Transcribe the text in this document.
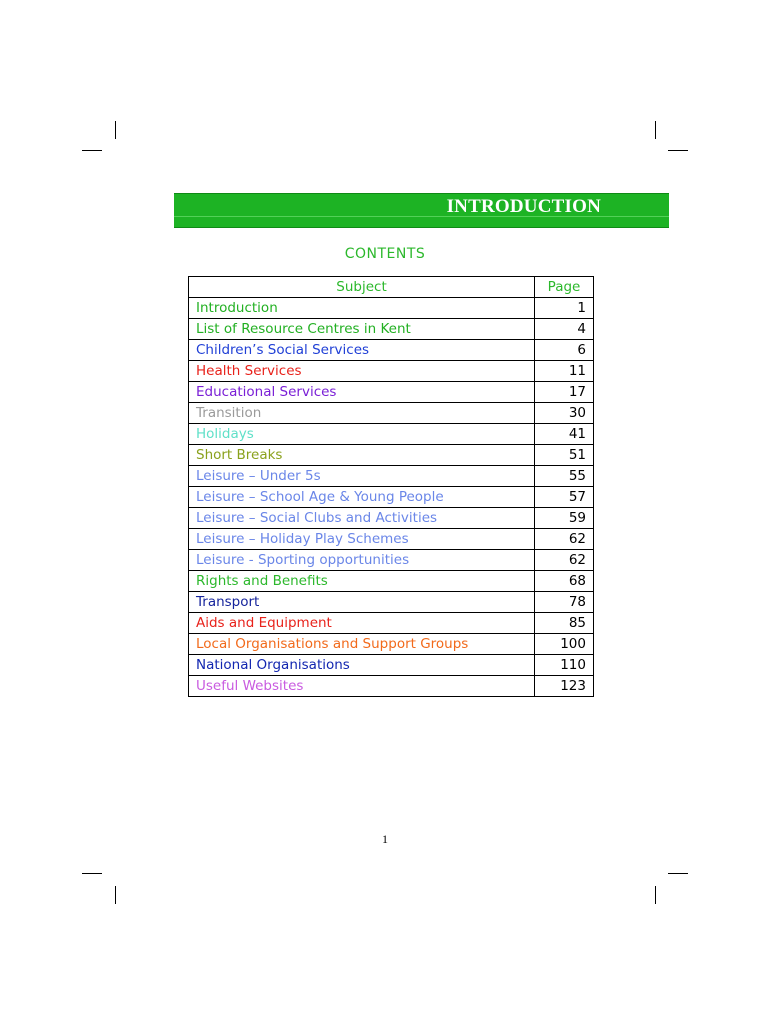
INTRODUCTION
CONTENTS
Subject	Page
Introduction	1
List of Resource Centres in Kent	4
Children’s Social Services	6
Health Services	11
Educational Services	17
Transition	30
Holidays	41
Short Breaks	51
Leisure – Under 5s	55
Leisure – School Age & Young People	57
Leisure – Social Clubs and Activities	59
Leisure – Holiday Play Schemes	62
Leisure - Sporting opportunities	62
Rights and Benefits	68
Transport	78
Aids and Equipment	85
Local Organisations and Support Groups	100
National Organisations	110
Useful Websites	123
1
